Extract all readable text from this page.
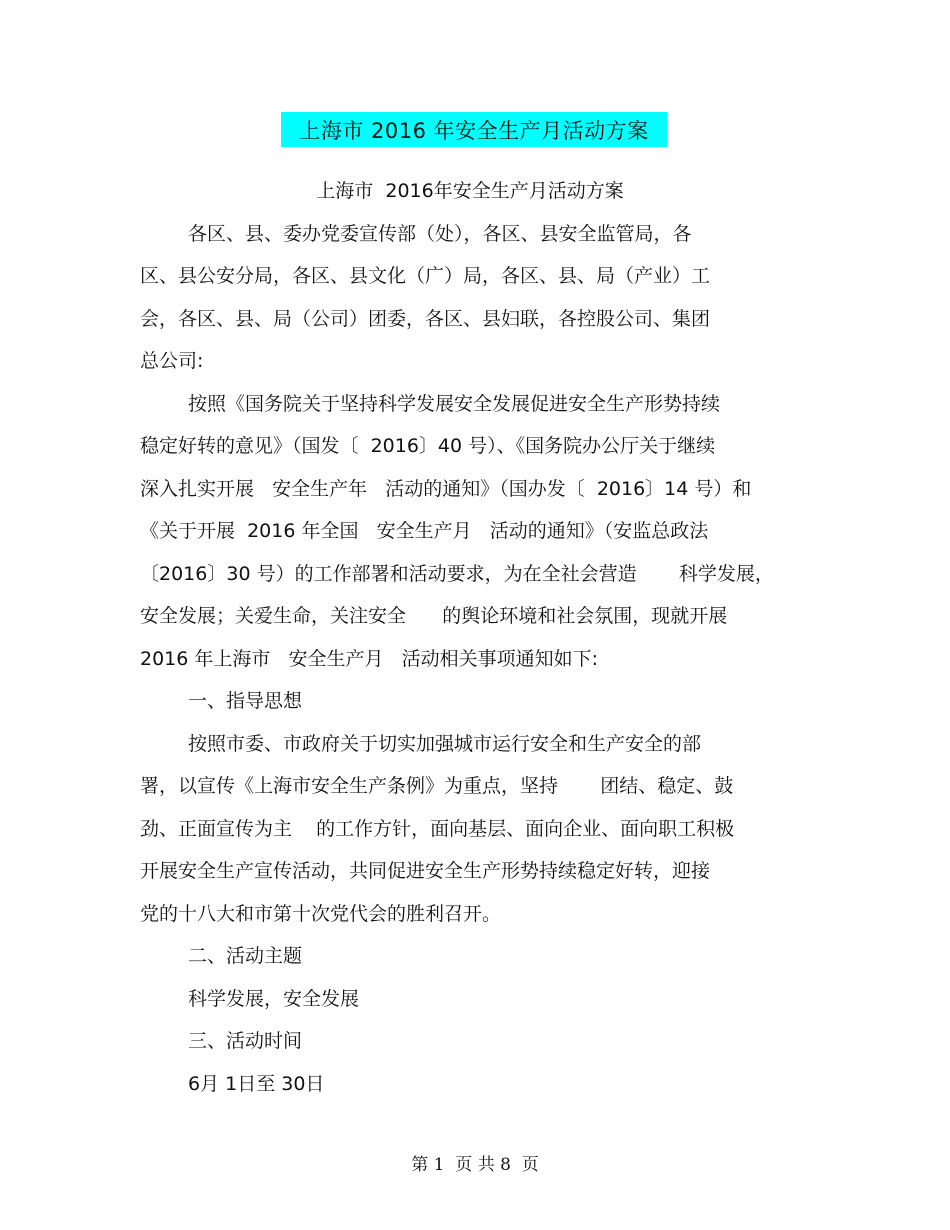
上海市 2016 年安全生产月活动方案
上海市  2016年安全生产月活动方案
各区、县、委办党委宣传部（处），各区、县安全监管局，各
区、县公安分局，各区、县文化（广）局，各区、县、局（产业）工
会，各区、县、局（公司）团委，各区、县妇联，各控股公司、集团
总公司:
按照《国务院关于坚持科学发展安全发展促进安全生产形势持续
稳定好转的意见》（国发〔  2016〕40 号）、《国务院办公厅关于继续
深入扎实开展   安全生产年   活动的通知》（国办发〔  2016〕14 号）和
《关于开展  2016 年全国   安全生产月   活动的通知》（安监总政法
〔2016〕30 号）的工作部署和活动要求，为在全社会营造       科学发展，
安全发展；关爱生命，关注安全      的舆论环境和社会氛围，现就开展
2016 年上海市   安全生产月   活动相关事项通知如下:
一、指导思想
按照市委、市政府关于切实加强城市运行安全和生产安全的部
署，以宣传《上海市安全生产条例》为重点，坚持       团结、稳定、鼓
劲、正面宣传为主    的工作方针，面向基层、面向企业、面向职工积极
开展安全生产宣传活动，共同促进安全生产形势持续稳定好转，迎接
党的十八大和市第十次党代会的胜利召开。
二、活动主题
科学发展，安全发展
三、活动时间
6月 1日至 30日
第 1  页 共 8  页
